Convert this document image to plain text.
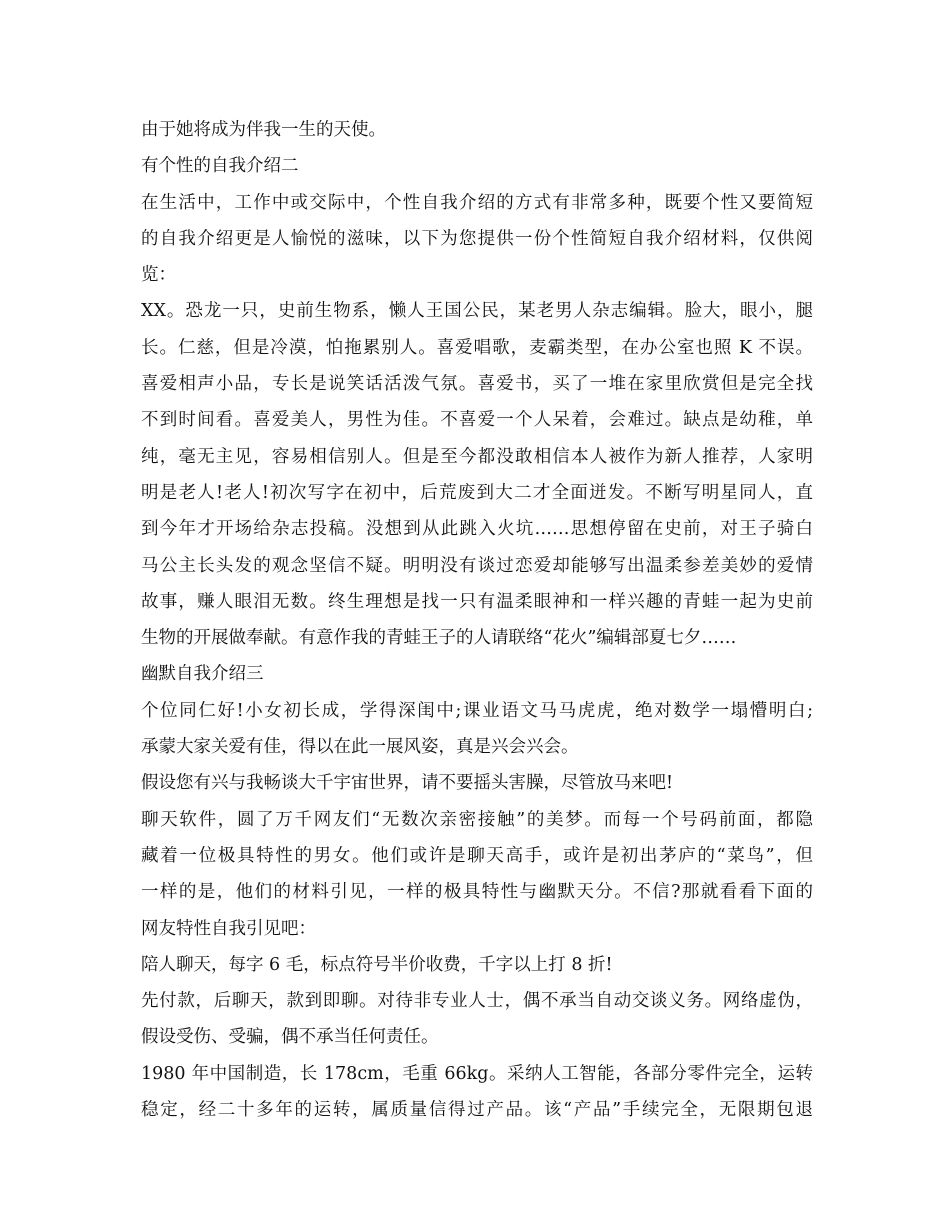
由于她将成为伴我一生的天使。
有个性的自我介绍二
在生活中，工作中或交际中，个性自我介绍的方式有非常多种，既要个性又要简短
的自我介绍更是人愉悦的滋味，以下为您提供一份个性简短自我介绍材料，仅供阅
览：
XX。恐龙一只，史前生物系，懒人王国公民，某老男人杂志编辑。脸大，眼小，腿
长。仁慈，但是冷漠，怕拖累别人。喜爱唱歌，麦霸类型，在办公室也照 K 不误。
喜爱相声小品，专长是说笑话活泼气氛。喜爱书，买了一堆在家里欣赏但是完全找
不到时间看。喜爱美人，男性为佳。不喜爱一个人呆着，会难过。缺点是幼稚，单
纯，毫无主见，容易相信别人。但是至今都没敢相信本人被作为新人推荐，人家明
明是老人!老人!初次写字在初中，后荒废到大二才全面迸发。不断写明星同人，直
到今年才开场给杂志投稿。没想到从此跳入火坑……思想停留在史前，对王子骑白
马公主长头发的观念坚信不疑。明明没有谈过恋爱却能够写出温柔参差美妙的爱情
故事，赚人眼泪无数。终生理想是找一只有温柔眼神和一样兴趣的青蛙一起为史前
生物的开展做奉献。有意作我的青蛙王子的人请联络“花火”编辑部夏七夕……
幽默自我介绍三
个位同仁好!小女初长成，学得深闺中;课业语文马马虎虎，绝对数学一塌懵明白;
承蒙大家关爱有佳，得以在此一展风姿，真是兴会兴会。
假设您有兴与我畅谈大千宇宙世界，请不要摇头害臊，尽管放马来吧!
聊天软件，圆了万千网友们“无数次亲密接触”的美梦。而每一个号码前面，都隐
藏着一位极具特性的男女。他们或许是聊天高手，或许是初出茅庐的“菜鸟”，但
一样的是，他们的材料引见，一样的极具特性与幽默天分。不信?那就看看下面的
网友特性自我引见吧：
陪人聊天，每字 6 毛，标点符号半价收费，千字以上打 8 折!
先付款，后聊天，款到即聊。对待非专业人士，偶不承当自动交谈义务。网络虚伪，
假设受伤、受骗，偶不承当任何责任。
1980 年中国制造，长 178cm，毛重 66kg。采纳人工智能，各部分零件完全，运转
稳定，经二十多年的运转，属质量信得过产品。该“产品”手续完全，无限期包退
